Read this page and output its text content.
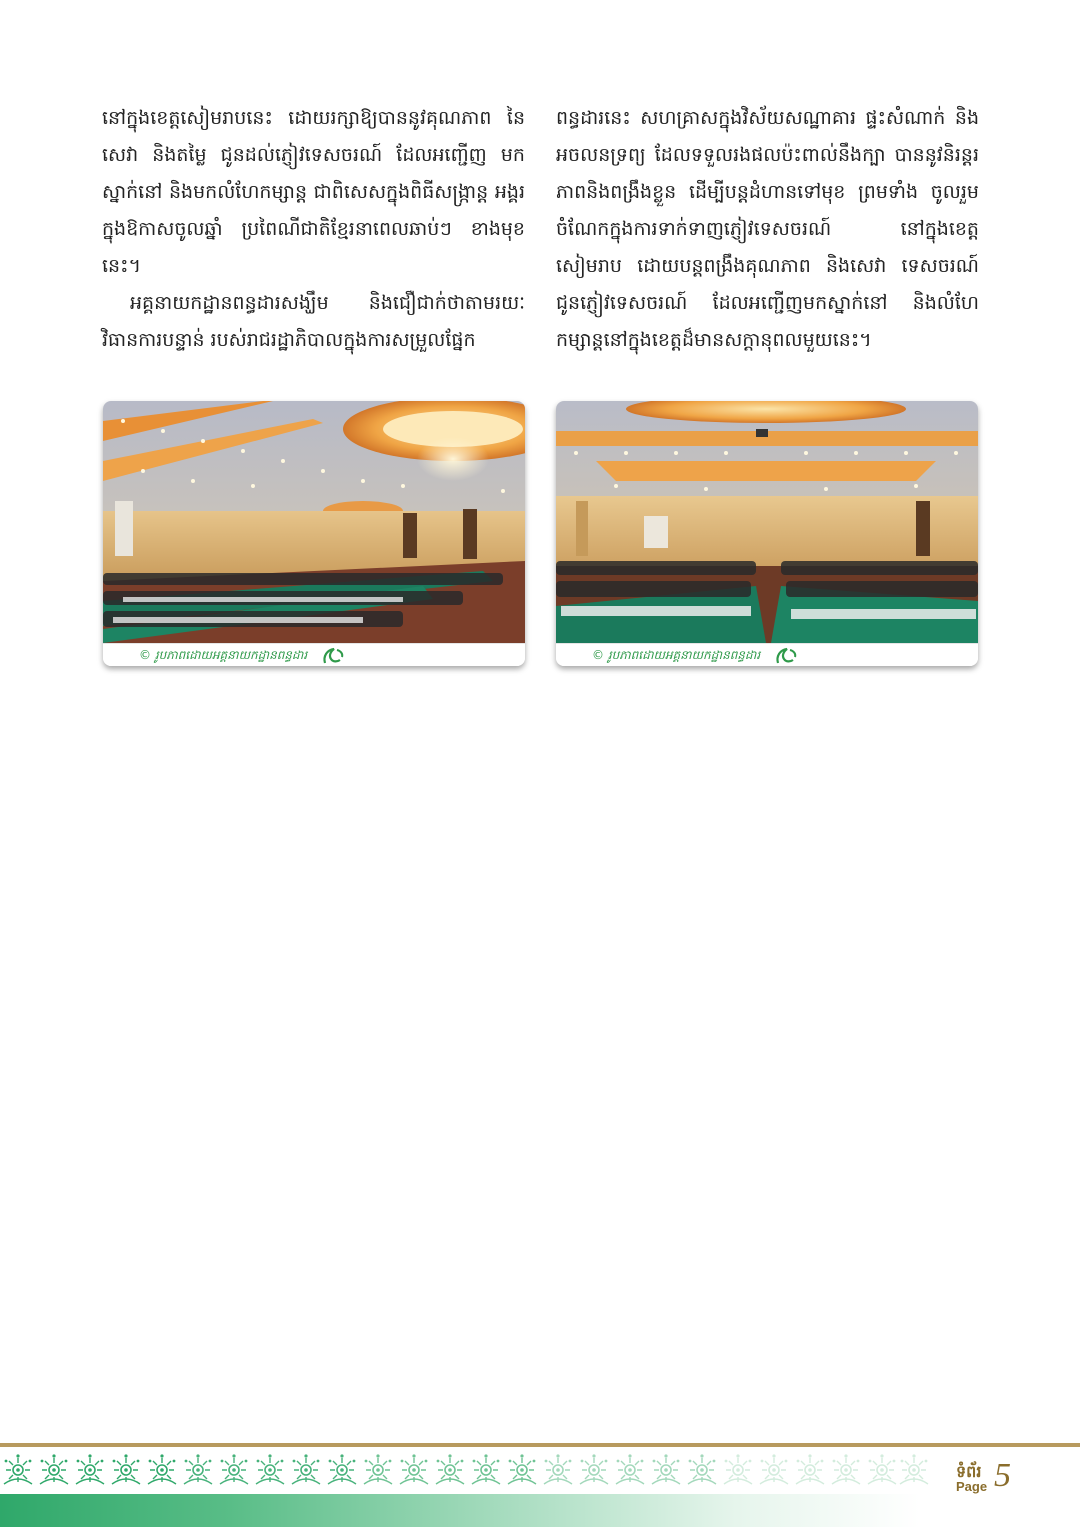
នៅក្នុងខេត្តសៀមរាបនេះ ដោយរក្សាឱ្យបាននូវគុណភាព នៃសេវា និងតម្លៃ ជូនដល់ភ្ញៀវទេសចរណ៍ ដែលអញ្ជើញ មកស្នាក់នៅ និងមកលំហែកម្សាន្ត ជាពិសេសក្នុងពិធីសង្ក្រាន្ត អង្គរ ក្នុងឱកាសចូលឆ្នាំ ប្រពៃណីជាតិខ្មែរនាពេលឆាប់ៗ ខាងមុខនេះ។

អគ្គនាយកដ្ឋានពន្ធដារសង្ឃឹម និងជឿជាក់ថាតាមរយៈ វិធានការបន្ទាន់ របស់រាជរដ្ឋាភិបាលក្នុងការសម្រួលផ្នែក

ពន្ធដារនេះ សហគ្រាសក្នុងវិស័យសណ្ឋាគារ ផ្ទះសំណាក់ និងអចលនទ្រព្យ ដែលទទួលរងផលប៉ះពាល់នឹងក្បា បាននូវនិរន្តរភាពនិងពង្រឹងខ្លួន ដើម្បីបន្តដំហានទៅមុខ ព្រមទាំង ចូលរួមចំណែកក្នុងការទាក់ទាញភ្ញៀវទេសចរណ៍ នៅក្នុងខេត្តសៀមរាប ដោយបន្តពង្រឹងគុណភាព និងសេវា ទេសចរណ៍ ជូនភ្ញៀវទេសចរណ៍ ដែលអញ្ជើញមកស្នាក់នៅ និងលំហែកម្សាន្តនៅក្នុងខេត្តដ៏មានសក្តានុពលមួយនេះ។

© រូបភាពដោយអគ្គនាយកដ្ឋានពន្ធដារ	© រូបភាពដោយអគ្គនាយកដ្ឋានពន្ធដារ
ទំព័រ
Page 5
